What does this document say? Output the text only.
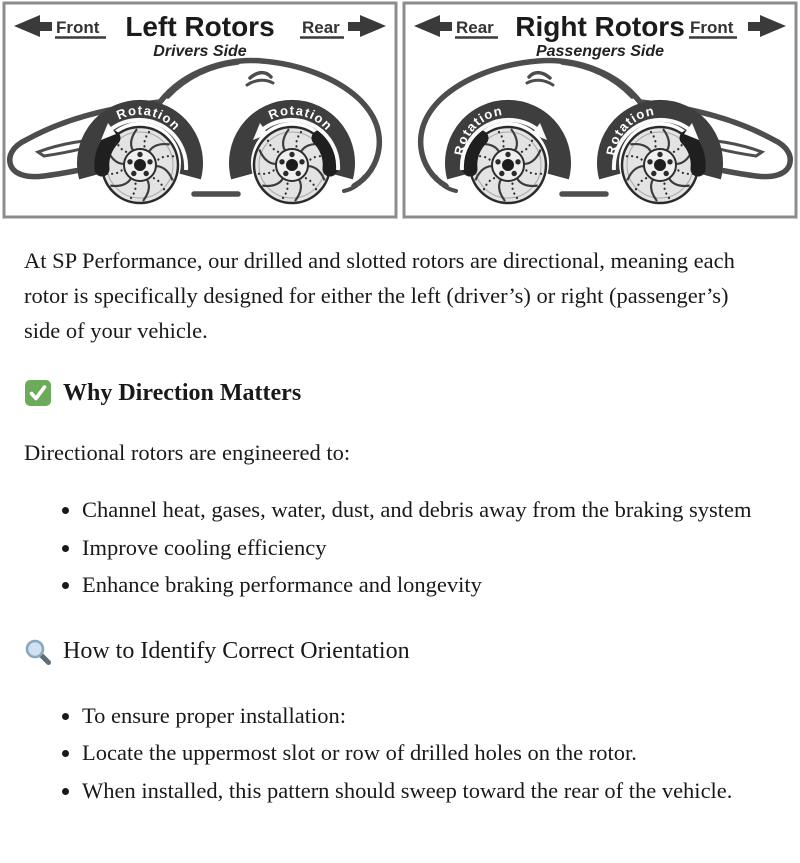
Rotation
Rotation
Rotation
Rotation
Front Left Rotors
Drivers Side
Rear	Rear Right Rotors
Passengers Side
Front

At SP Performance, our drilled and slotted rotors are directional, meaning each rotor is specifically designed for either the left (driver’s) or right (passenger’s) side of your vehicle.

Why Direction Matters

Directional rotors are engineered to:

• Channel heat, gases, water, dust, and debris away from the braking system
• Improve cooling efficiency
• Enhance braking performance and longevity
How to Identify Correct Orientation
• To ensure proper installation:
• Locate the uppermost slot or row of drilled holes on the rotor.
• When installed, this pattern should sweep toward the rear of the vehicle.
